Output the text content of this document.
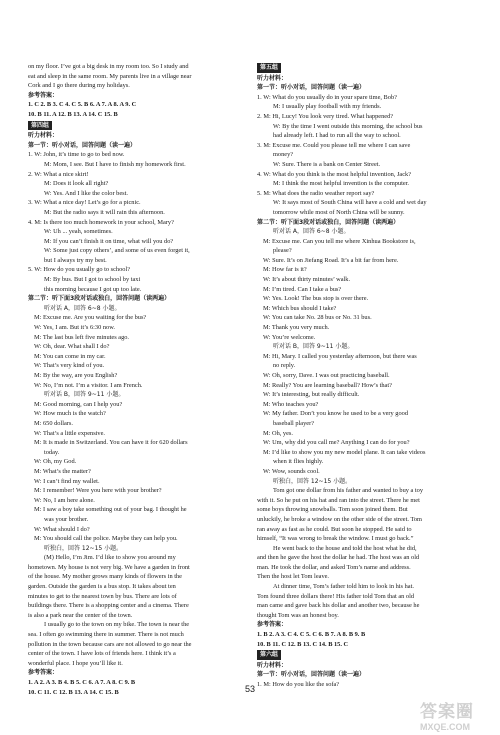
on my floor. I’ve got a big desk in my room too. So I study and
eat and sleep in the same room. My parents live in a village near
Cork and I go there during my holidays.
参考答案：
1. C 2. B 3. C 4. C 5. B 6. A 7. A 8. A 9. C
10. B 11. A 12. B 13. A 14. C 15. B
第四组
听力材料：
第一节：听小对话，回答问题（读一遍）
1. W: John, it’s time to go to bed now.
M: Mom, I see. But I have to finish my homework first.
2. W: What a nice skirt!
M: Does it look all right?
W: Yes. And I like the color best.
3. W: What a nice day! Let’s go for a picnic.
M: But the radio says it will rain this afternoon.
4. M: Is there too much homework in your school, Mary?
W: Uh ... yeah, sometimes.
M: If you can’t finish it on time, what will you do?
W: Some just copy others’, and some of us even forget it,
but I always try my best.
5. W: How do you usually go to school?
M: By bus. But I got to school by taxi
this morning because I got up too late.
第二节：听下面3段对话或独白，回答问题（读两遍）
听对话 A，回答 6~8 小题。
M: Excuse me. Are you waiting for the bus?
W: Yes, I am. But it’s 6:30 now.
M: The last bus left five minutes ago.
W: Oh, dear. What shall I do?
M: You can come in my car.
W: That’s very kind of you.
M: By the way, are you English?
W: No, I’m not. I’m a visitor. I am French.
听对话 B，回答 9~11 小题。
M: Good morning, can I help you?
W: How much is the watch?
M: 650 dollars.
W: That’s a little expensive.
M: It is made in Switzerland. You can have it for 620 dollars
today.
W: Oh, my God.
M: What’s the matter?
W: I can’t find my wallet.
M: I remember! Were you here with your brother?
W: No, I am here alone.
M: I saw a boy take something out of your bag. I thought he
was your brother.
W: What should I do?
M: You should call the police. Maybe they can help you.
听独白，回答 12~15 小题。
(M) Hello, I’m Jim. I’d like to show you around my
hometown. My house is not very big. We have a garden in front
of the house. My mother grows many kinds of flowers in the
garden. Outside the garden is a bus stop. It takes about ten
minutes to get to the nearest town by bus. There are lots of
buildings there. There is a shopping center and a cinema. There
is also a park near the center of the town.
I usually go to the town on my bike. The town is near the
sea. I often go swimming there in summer. There is not much
pollution in the town because cars are not allowed to go near the
center of the town. I have lots of friends here. I think it’s a
wonderful place. I hope you’ll like it.
参考答案：
1. A 2. A 3. B 4. B 5. C 6. A 7. A 8. C 9. B
10. C 11. C 12. B 13. A 14. C 15. B
第五组
听力材料：
第一节：听小对话，回答问题（读一遍）
1. W: What do you usually do in your spare time, Bob?
M: I usually play football with my friends.
2. M: Hi, Lucy! You look very tired. What happened?
W: By the time I went outside this morning, the school bus
had already left. I had to run all the way to school.
3. M: Excuse me. Could you please tell me where I can save
money?
W: Sure. There is a bank on Center Street.
4. W: What do you think is the most helpful invention, Jack?
M: I think the most helpful invention is the computer.
5. M: What does the radio weather report say?
W: It says most of South China will have a cold and wet day
tomorrow while most of North China will be sunny.
第二节：听下面3段对话或独白，回答问题（读两遍）
听对话 A，回答 6~8 小题。
M: Excuse me. Can you tell me where Xinhua Bookstore is,
please?
W: Sure. It’s on Jiefang Road. It’s a bit far from here.
M: How far is it?
W: It’s about thirty minutes’ walk.
M: I’m tired. Can I take a bus?
W: Yes. Look! The bus stop is over there.
M: Which bus should I take?
W: You can take No. 28 bus or No. 31 bus.
M: Thank you very much.
W: You’re welcome.
听对话 B，回答 9~11 小题。
M: Hi, Mary. I called you yesterday afternoon, but there was
no reply.
W: Oh, sorry, Dave. I was out practicing baseball.
M: Really? You are learning baseball? How’s that?
W: It’s interesting, but really difficult.
M: Who teaches you?
W: My father. Don’t you know he used to be a very good
baseball player?
M: Oh, yes.
W: Um, why did you call me? Anything I can do for you?
M: I’d like to show you my new model plane. It can take videos
when it flies highly.
W: Wow, sounds cool.
听独白，回答 12~15 小题。
Tom got one dollar from his father and wanted to buy a toy
with it. So he put on his hat and ran into the street. There he met
some boys throwing snowballs. Tom soon joined them. But
unluckily, he broke a window on the other side of the street. Tom
ran away as fast as he could. But soon he stopped. He said to
himself, “It was wrong to break the window. I must go back.”
He went back to the house and told the host what he did,
and then he gave the host the dollar he had. The host was an old
man. He took the dollar, and asked Tom’s name and address.
Then the host let Tom leave.
At dinner time, Tom’s father told him to look in his hat.
Tom found three dollars there! His father told Tom that an old
man came and gave back his dollar and another two, because he
thought Tom was an honest boy.
参考答案：
1. B 2. A 3. C 4. C 5. C 6. B 7. A 8. B 9. B
10. B 11. C 12. B 13. C 14. B 15. C
第六组
听力材料：
第一节：听小对话，回答问题（读一遍）
1. M: How do you like the sofa?
53
答案圈
MXQE.COM
